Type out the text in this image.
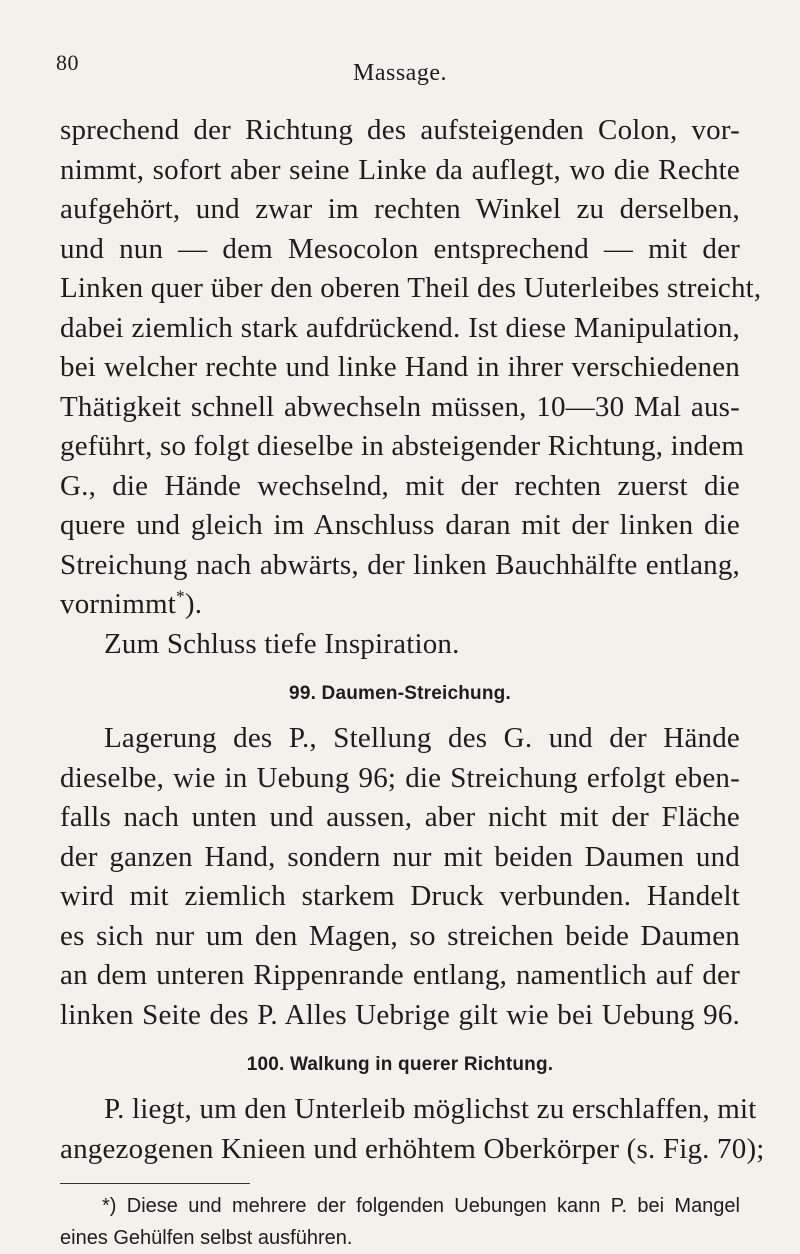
80	Massage.
sprechend der Richtung des aufsteigenden Colon, vor-
nimmt, sofort aber seine Linke da auflegt, wo die Rechte
aufgehört, und zwar im rechten Winkel zu derselben,
und nun — dem Mesocolon entsprechend — mit der
Linken quer über den oberen Theil des Uuterleibes streicht,
dabei ziemlich stark aufdrückend. Ist diese Manipulation,
bei welcher rechte und linke Hand in ihrer verschiedenen
Thätigkeit schnell abwechseln müssen, 10—30 Mal aus-
geführt, so folgt dieselbe in absteigender Richtung, indem
G., die Hände wechselnd, mit der rechten zuerst die
quere und gleich im Anschluss daran mit der linken die
Streichung nach abwärts, der linken Bauchhälfte entlang,
vornimmt*).
Zum Schluss tiefe Inspiration.
99. Daumen-Streichung.
Lagerung des P., Stellung des G. und der Hände
dieselbe, wie in Uebung 96; die Streichung erfolgt eben-
falls nach unten und aussen, aber nicht mit der Fläche
der ganzen Hand, sondern nur mit beiden Daumen und
wird mit ziemlich starkem Druck verbunden. Handelt
es sich nur um den Magen, so streichen beide Daumen
an dem unteren Rippenrande entlang, namentlich auf der
linken Seite des P. Alles Uebrige gilt wie bei Uebung 96.
100. Walkung in querer Richtung.
P. liegt, um den Unterleib möglichst zu erschlaffen, mit
angezogenen Knieen und erhöhtem Oberkörper (s. Fig. 70);
*) Diese und mehrere der folgenden Uebungen kann P. bei Mangel
eines Gehülfen selbst ausführen.
